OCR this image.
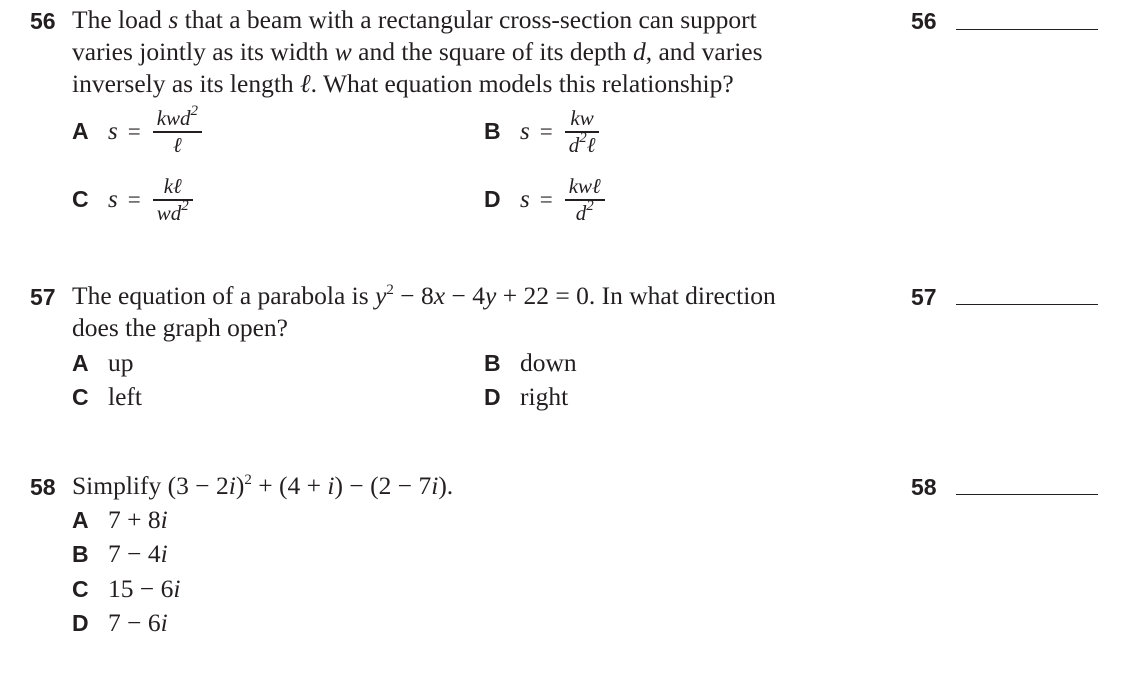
56 The load s that a beam with a rectangular cross-section can support
varies jointly as its width w and the square of its depth d, and varies
inversely as its length ℓ. What equation models this relationship?
56
A $s = \frac{kwd^2}{\text{ℓ}}$	B $s = \frac{kw}{d^2\ell}$
C $s = \frac{\text{kℓ}}{wd^2}$	D $s = \frac{\text{kwℓ}}{d^2}$
57 The equation of a parabola is $y^2 - 8x - 4y + 22 = 0$. In what direction
does the graph open?
57
A up	B down
C left	D right
58 Simplify $(3 - 2i)^2 + (4 + i) - (2 - 7i)$.	58
A 7 + 8i
B 7 − 4i
C 15 − 6i
D 7 − 6i
